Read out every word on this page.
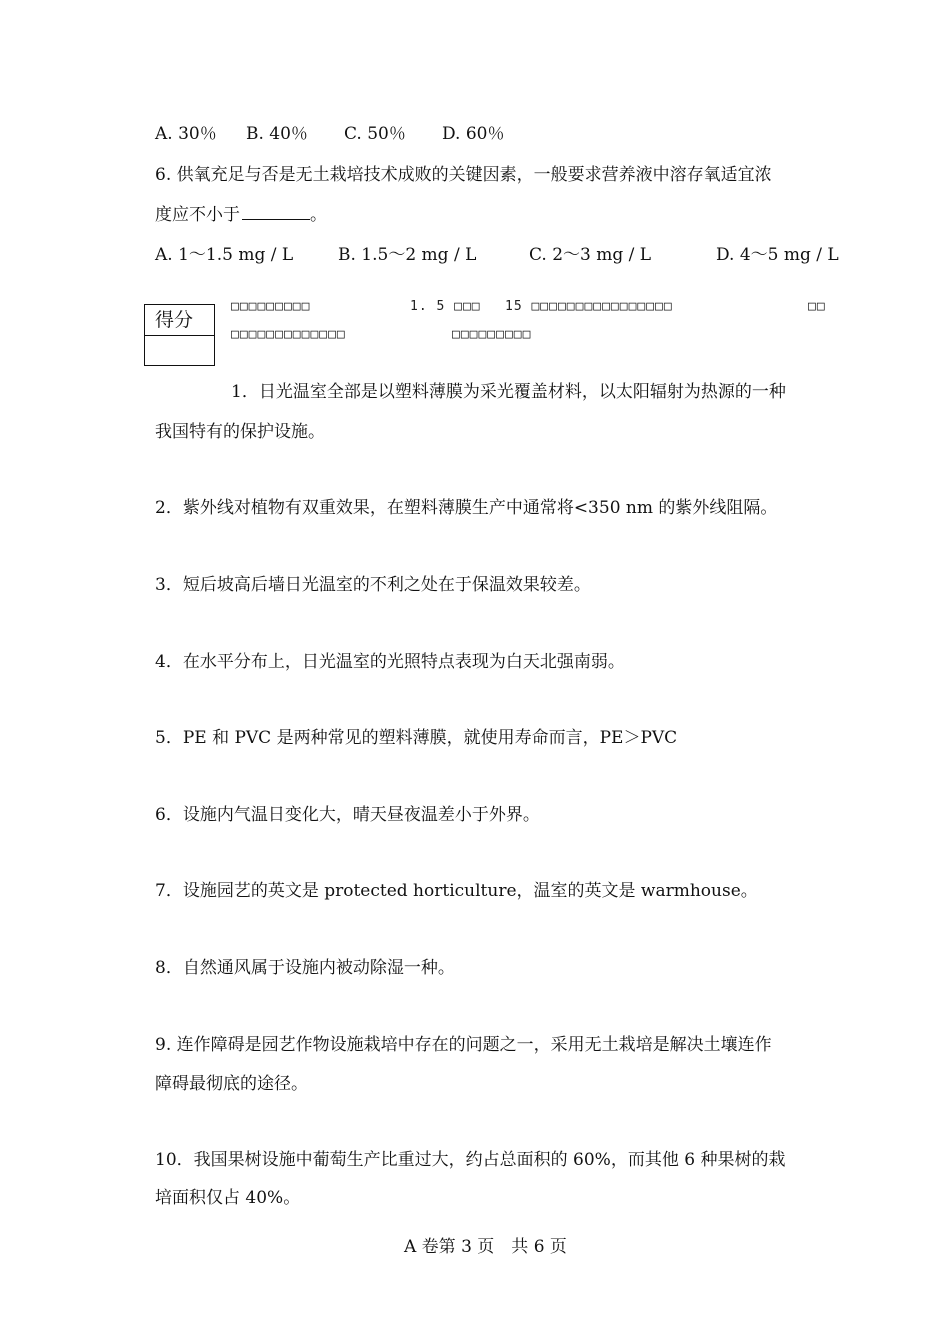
A. 30％ B. 40％ C. 50％ D. 60％
6. 供氧充足与否是无土栽培技术成败的关键因素，一般要求营养液中溶存氧适宜浓
度应不小于	。
A. 1～1.5 mg / L	B. 1.5～2 mg / L	C. 2～3 mg / L	D. 4～5 mg / L
得分
□□□□□□□□□	1. 5 □□□ 15 □□□□□□□□□□□□□□□□	□□
□□□□□□□□□□□□□	□□□□□□□□□
1．日光温室全部是以塑料薄膜为采光覆盖材料，以太阳辐射为热源的一种
我国特有的保护设施。
2．紫外线对植物有双重效果，在塑料薄膜生产中通常将<350 nm 的紫外线阻隔。
3．短后坡高后墙日光温室的不利之处在于保温效果较差。
4．在水平分布上，日光温室的光照特点表现为白天北强南弱。
5．PE 和 PVC 是两种常见的塑料薄膜，就使用寿命而言，PE＞PVC
6．设施内气温日变化大，晴天昼夜温差小于外界。
7．设施园艺的英文是 protected horticulture，温室的英文是 warmhouse。
8．自然通风属于设施内被动除湿一种。
9. 连作障碍是园艺作物设施栽培中存在的问题之一，采用无土栽培是解决土壤连作
障碍最彻底的途径。
10．我国果树设施中葡萄生产比重过大，约占总面积的 60%，而其他 6 种果树的栽
培面积仅占 40%。
A 卷第 3 页　共 6 页
